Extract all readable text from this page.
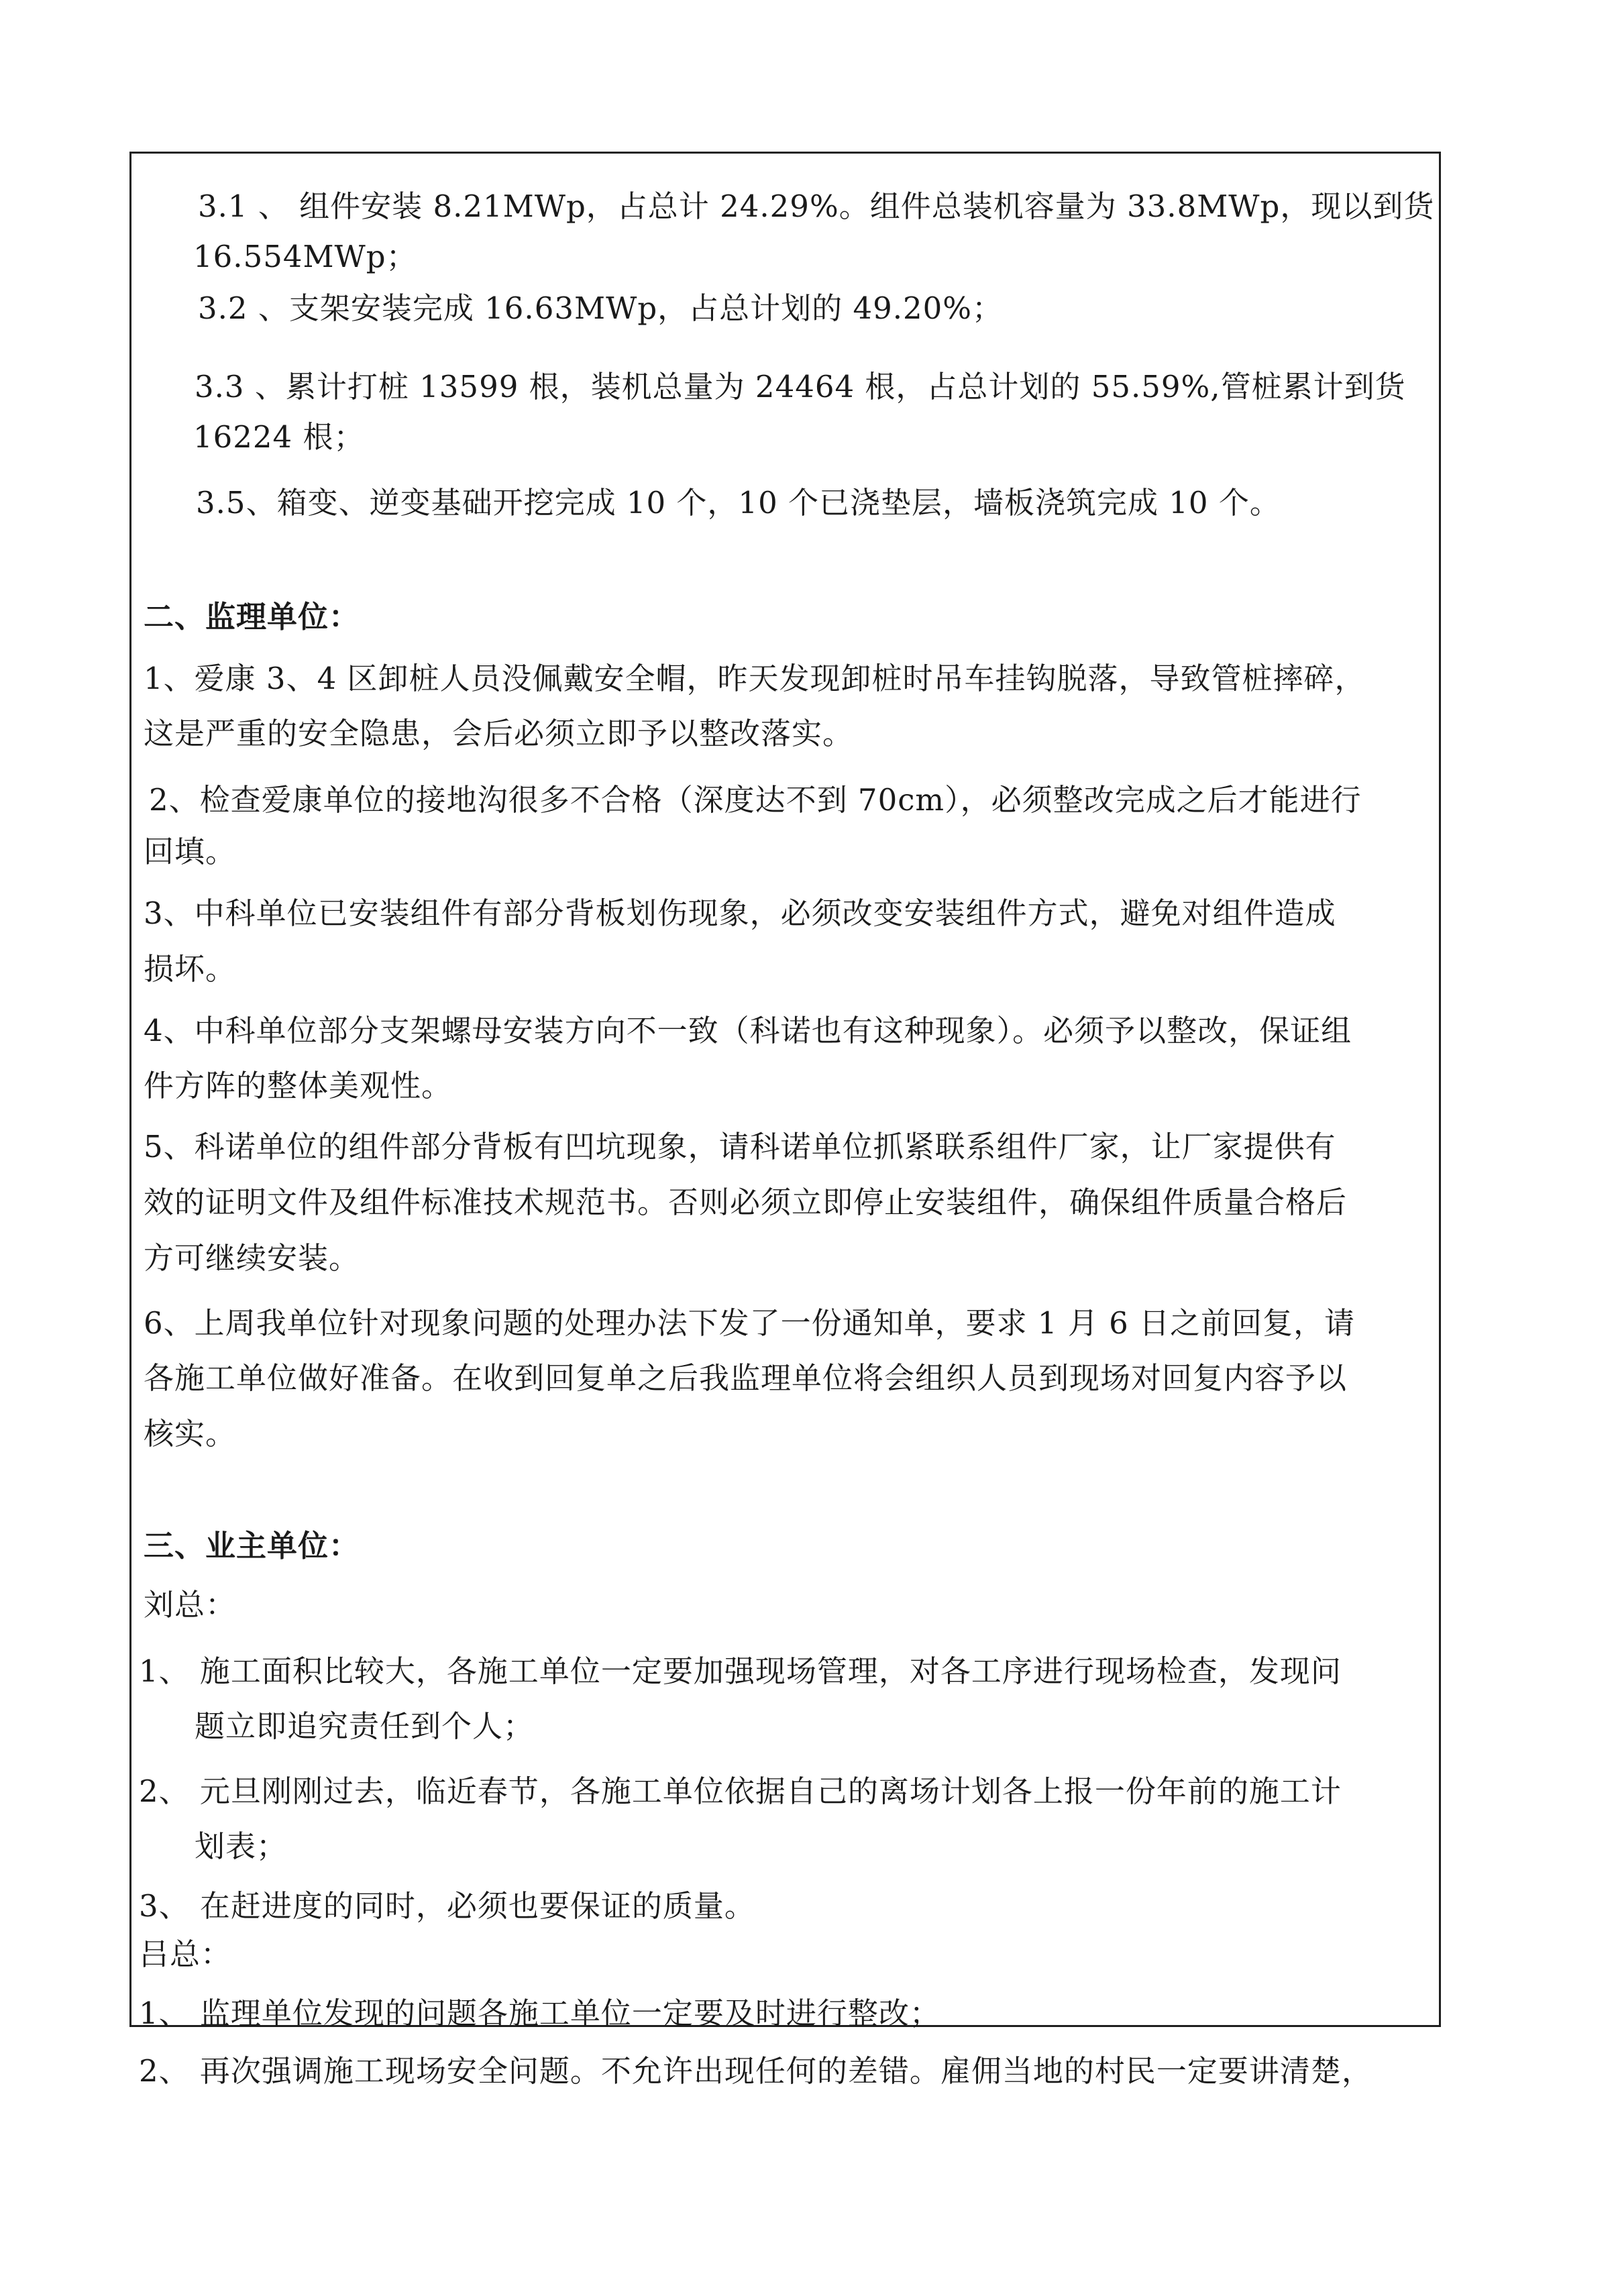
3.1 、 组件安装 8.21MWp，占总计 24.29%。组件总装机容量为 33.8MWp，现以到货
16.554MWp；
3.2 、支架安装完成 16.63MWp，占总计划的 49.20%；
3.3 、累计打桩 13599 根，装机总量为 24464 根，占总计划的 55.59%,管桩累计到货
16224 根；
3.5、箱变、逆变基础开挖完成 10 个，10 个已浇垫层，墙板浇筑完成 10 个。
二、监理单位：
1、爱康 3、4 区卸桩人员没佩戴安全帽，昨天发现卸桩时吊车挂钩脱落，导致管桩摔碎，
这是严重的安全隐患，会后必须立即予以整改落实。
2、检查爱康单位的接地沟很多不合格（深度达不到 70cm），必须整改完成之后才能进行
回填。
3、中科单位已安装组件有部分背板划伤现象，必须改变安装组件方式，避免对组件造成
损坏。
4、中科单位部分支架螺母安装方向不一致（科诺也有这种现象）。必须予以整改，保证组
件方阵的整体美观性。
5、科诺单位的组件部分背板有凹坑现象，请科诺单位抓紧联系组件厂家，让厂家提供有
效的证明文件及组件标准技术规范书。否则必须立即停止安装组件，确保组件质量合格后
方可继续安装。
6、上周我单位针对现象问题的处理办法下发了一份通知单，要求 1 月 6 日之前回复，请
各施工单位做好准备。在收到回复单之后我监理单位将会组织人员到现场对回复内容予以
核实。
三、业主单位：
刘总：
1、 施工面积比较大，各施工单位一定要加强现场管理，对各工序进行现场检查，发现问
题立即追究责任到个人；
2、 元旦刚刚过去，临近春节，各施工单位依据自己的离场计划各上报一份年前的施工计
划表；
3、 在赶进度的同时，必须也要保证的质量。
吕总：
1、 监理单位发现的问题各施工单位一定要及时进行整改；
2、 再次强调施工现场安全问题。不允许出现任何的差错。雇佣当地的村民一定要讲清楚，
